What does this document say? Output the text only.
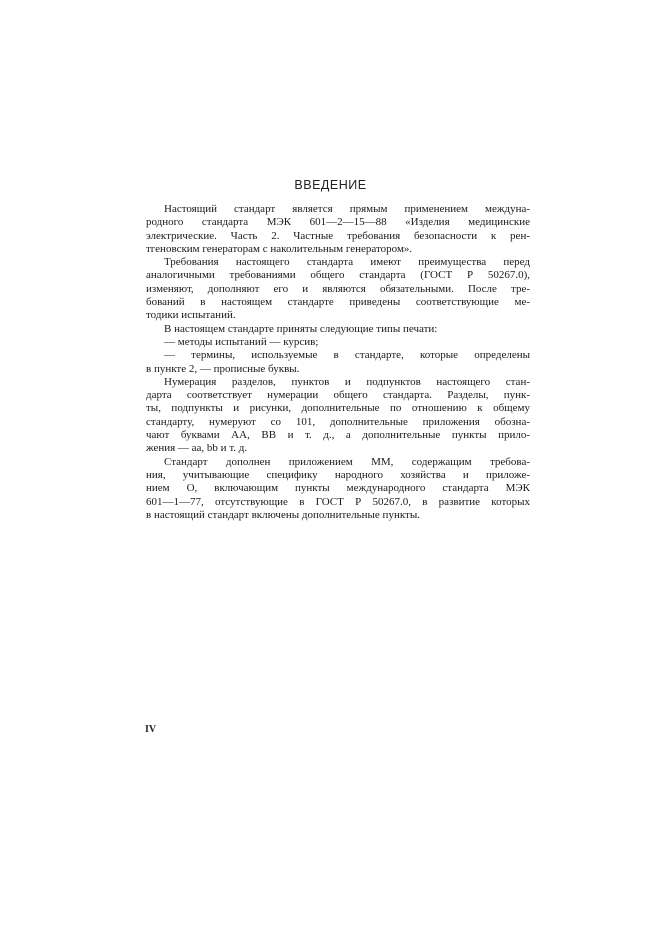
ВВЕДЕНИЕ
Настоящий стандарт является прямым применением междуна-
родного стандарта МЭК 601—2—15—88 «Изделия медицинские
электрические. Часть 2. Частные требования безопасности к рен-
тгеновским генераторам с наколительным генератором».
Требования настоящего стандарта имеют преимущества перед
аналогичными требованиями общего стандарта (ГОСТ Р 50267.0),
изменяют, дополняют его и являются обязательными. После тре-
бований в настоящем стандарте приведены соответствующие ме-
тодики испытаний.
В настоящем стандарте приняты следующие типы печати:
— методы испытаний — курсив;
— термины, используемые в стандарте, которые определены
в пункте 2, — прописные буквы.
Нумерация разделов, пунктов и подпунктов настоящего стан-
дарта соответствует нумерации общего стандарта. Разделы, пунк-
ты, подпункты и рисунки, дополнительные по отношению к общему
стандарту, нумеруют со 101, дополнительные приложения обозна-
чают буквами АА, ВВ и т. д., а дополнительные пункты прило-
жения — аа, bb и т. д.
Стандарт дополнен приложением ММ, содержащим требова-
ния, учитывающие специфику народного хозяйства и приложе-
нием О, включающим пункты международного стандарта МЭК
601—1—77, отсутствующие в ГОСТ Р 50267.0, в развитие которых
в настоящий стандарт включены дополнительные пункты.
IV
